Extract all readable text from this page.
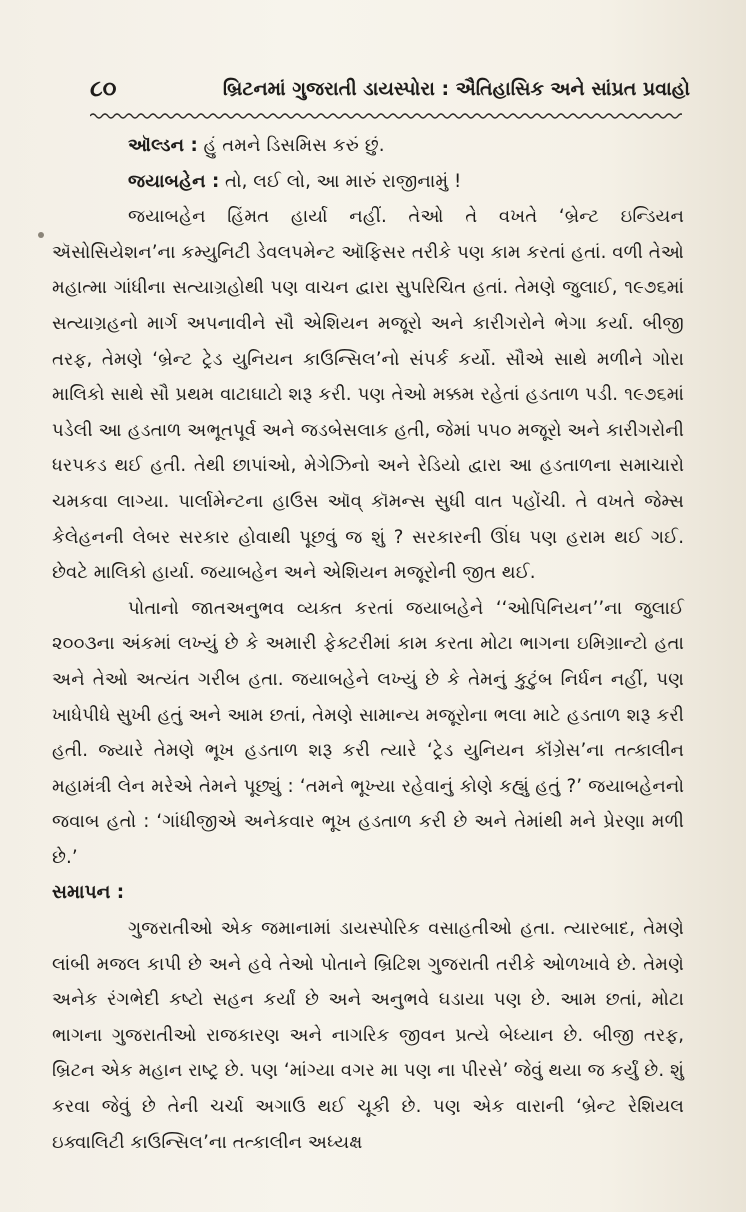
૮૦	બ્રિટનમાં ગુજરાતી ડાયસ્પોરા : ઐતિહાસિક અને સાંપ્રત પ્રવાહો

ઑલ્ડન : હું તમને ડિસમિસ કરું છું.

જયાબહેન : તો, લઈ લો, આ મારું રાજીનામું !

જયાબહેન હિંમત હાર્યા નહીં. તેઓ તે વખતે ‘બ્રેન્ટ ઇન્ડિયન ઍસોસિયેશન’ના કમ્યુનિટી ડેવલપમેન્ટ ઑફિસર તરીકે પણ કામ કરતાં હતાં. વળી તેઓ મહાત્મા ગાંધીના સત્યાગ્રહોથી પણ વાચન દ્વારા સુપરિચિત હતાં. તેમણે જુલાઈ, ૧૯૭૬માં સત્યાગ્રહનો માર્ગ અપનાવીને સૌ એશિયન મજૂરો અને કારીગરોને ભેગા કર્યા. બીજી તરફ, તેમણે ‘બ્રેન્ટ ટ્રેડ યુનિયન કાઉન્સિલ’નો સંપર્ક કર્યો. સૌએ સાથે મળીને ગોરા માલિકો સાથે સૌ પ્રથમ વાટાઘાટો શરૂ કરી. પણ તેઓ મક્કમ રહેતાં હડતાળ પડી. ૧૯૭૬માં પડેલી આ હડતાળ અભૂતપૂર્વ અને જડબેસલાક હતી, જેમાં ૫૫૦ મજૂરો અને કારીગરોની ધરપકડ થઈ હતી. તેથી છાપાંઓ, મેગેઝિનો અને રેડિયો દ્વારા આ હડતાળના સમાચારો ચમકવા લાગ્યા. પાર્લામેન્ટના હાઉસ ઑવ્ કૉમન્સ સુધી વાત પહોંચી. તે વખતે જેમ્સ કેલેહનની લેબર સરકાર હોવાથી પૂછવું જ શું ? સરકારની ઊંઘ પણ હરામ થઈ ગઈ. છેવટે માલિકો હાર્યા. જયાબહેન અને એશિયન મજૂરોની જીત થઈ.

પોતાનો જાતઅનુભવ વ્યક્ત કરતાં જયાબહેને ‘‘ઓપિનિયન’’ના જુલાઈ ૨૦૦૩ના અંકમાં લખ્યું છે કે અમારી ફેક્ટરીમાં કામ કરતા મોટા ભાગના ઇમિગ્રાન્ટો હતા અને તેઓ અત્યંત ગરીબ હતા. જયાબહેને લખ્યું છે કે તેમનું કુટુંબ નિર્ધન નહીં, પણ ખાધેપીધે સુખી હતું અને આમ છતાં, તેમણે સામાન્ય મજૂરોના ભલા માટે હડતાળ શરૂ કરી હતી. જ્યારે તેમણે ભૂખ હડતાળ શરૂ કરી ત્યારે ‘ટ્રેડ યુનિયન કૉંગ્રેસ’ના તત્કાલીન મહામંત્રી લેન મરેએ તેમને પૂછ્યું : ‘તમને ભૂખ્યા રહેવાનું કોણે કહ્યું હતું ?’ જયાબહેનનો જવાબ હતો : ‘ગાંધીજીએ અનેકવાર ભૂખ હડતાળ કરી છે અને તેમાંથી મને પ્રેરણા મળી છે.’

સમાપન :

ગુજરાતીઓ એક જમાનામાં ડાયસ્પોરિક વસાહતીઓ હતા. ત્યારબાદ, તેમણે લાંબી મજલ કાપી છે અને હવે તેઓ પોતાને બ્રિટિશ ગુજરાતી તરીકે ઓળખાવે છે. તેમણે અનેક રંગભેદી કષ્ટો સહન કર્યાં છે અને અનુભવે ઘડાયા પણ છે. આમ છતાં, મોટા ભાગના ગુજરાતીઓ રાજકારણ અને નાગરિક જીવન પ્રત્યે બેધ્યાન છે. બીજી તરફ, બ્રિટન એક મહાન રાષ્ટ્ર છે. પણ ‘માંગ્યા વગર મા પણ ના પીરસે’ જેવું થયા જ કર્યું છે. શું કરવા જેવું છે તેની ચર્ચા અગાઉ થઈ ચૂકી છે. પણ એક વારાની ‘બ્રેન્ટ રેશિયલ ઇક્વાલિટી કાઉન્સિલ’ના તત્કાલીન અધ્યક્ષ
